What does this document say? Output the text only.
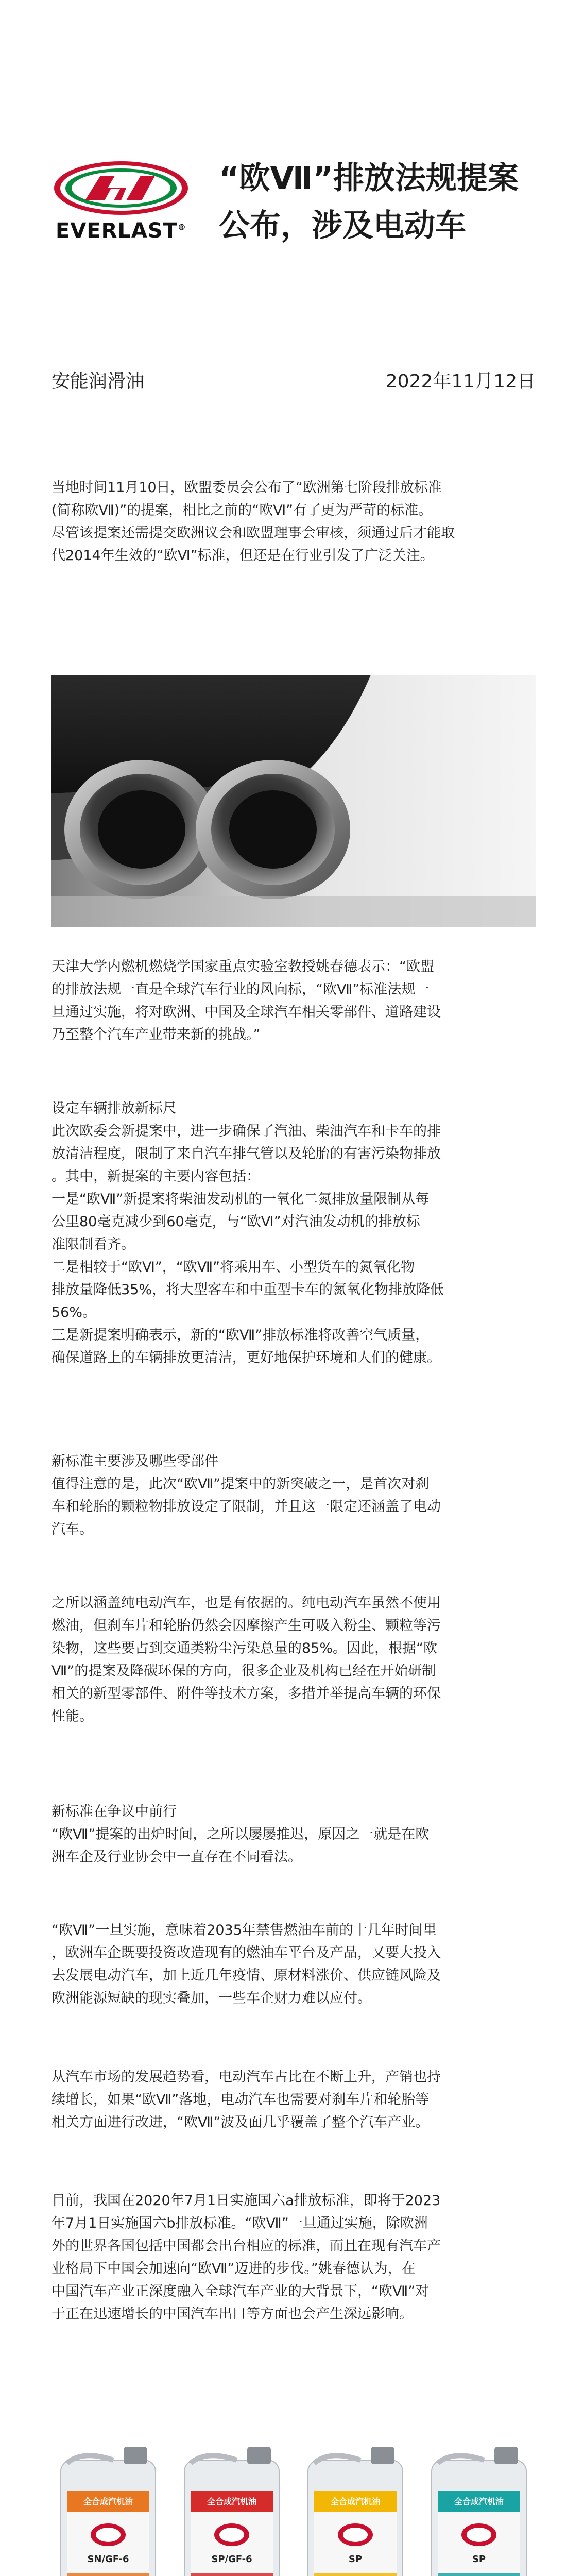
EVERLAST®
“欧Ⅶ”排放法规提案
公布，涉及电动车
安能润滑油	2022年11月12日
当地时间11月10日，欧盟委员会公布了“欧洲第七阶段排放标准
(简称欧Ⅶ)”的提案，相比之前的“欧Ⅵ”有了更为严苛的标准。
尽管该提案还需提交欧洲议会和欧盟理事会审核，须通过后才能取
代2014年生效的“欧Ⅵ”标准，但还是在行业引发了广泛关注。
天津大学内燃机燃烧学国家重点实验室教授姚春德表示：“欧盟
的排放法规一直是全球汽车行业的风向标，“欧Ⅶ”标准法规一
旦通过实施，将对欧洲、中国及全球汽车相关零部件、道路建设
乃至整个汽车产业带来新的挑战。”
设定车辆排放新标尺
此次欧委会新提案中，进一步确保了汽油、柴油汽车和卡车的排
放清洁程度，限制了来自汽车排气管以及轮胎的有害污染物排放
。其中，新提案的主要内容包括：
一是“欧Ⅶ”新提案将柴油发动机的一氧化二氮排放量限制从每
公里80毫克减少到60毫克，与“欧Ⅵ”对汽油发动机的排放标
准限制看齐。
二是相较于“欧Ⅵ”，“欧Ⅶ”将乘用车、小型货车的氮氧化物
排放量降低35%，将大型客车和中重型卡车的氮氧化物排放降低
56%。
三是新提案明确表示，新的“欧Ⅶ”排放标准将改善空气质量，
确保道路上的车辆排放更清洁，更好地保护环境和人们的健康。
新标准主要涉及哪些零部件
值得注意的是，此次“欧Ⅶ”提案中的新突破之一，是首次对刹
车和轮胎的颗粒物排放设定了限制，并且这一限定还涵盖了电动
汽车。
之所以涵盖纯电动汽车，也是有依据的。纯电动汽车虽然不使用
燃油，但刹车片和轮胎仍然会因摩擦产生可吸入粉尘、颗粒等污
染物，这些要占到交通类粉尘污染总量的85%。因此，根据“欧
Ⅶ”的提案及降碳环保的方向，很多企业及机构已经在开始研制
相关的新型零部件、附件等技术方案，多措并举提高车辆的环保
性能。
新标准在争议中前行
“欧Ⅶ”提案的出炉时间，之所以屡屡推迟，原因之一就是在欧
洲车企及行业协会中一直存在不同看法。
“欧Ⅶ”一旦实施，意味着2035年禁售燃油车前的十几年时间里
，欧洲车企既要投资改造现有的燃油车平台及产品，又要大投入
去发展电动汽车，加上近几年疫情、原材料涨价、供应链风险及
欧洲能源短缺的现实叠加，一些车企财力难以应付。
从汽车市场的发展趋势看，电动汽车占比在不断上升，产销也持
续增长，如果“欧Ⅶ”落地，电动汽车也需要对刹车片和轮胎等
相关方面进行改进，“欧Ⅶ”波及面几乎覆盖了整个汽车产业。
目前，我国在2020年7月1日实施国六a排放标准，即将于2023
年7月1日实施国六b排放标准。“欧Ⅶ”一旦通过实施，除欧洲
外的世界各国包括中国都会出台相应的标准，而且在现有汽车产
业格局下中国会加速向“欧Ⅶ”迈进的步伐。”姚春德认为，在
中国汽车产业正深度融入全球汽车产业的大背景下，“欧Ⅶ”对
于正在迅速增长的中国汽车出口等方面也会产生深远影响。
全合成汽机油
SN/GF-6
全合成汽机油
SP/GF-6
全合成汽机油
SP
全合成汽机油
SP
